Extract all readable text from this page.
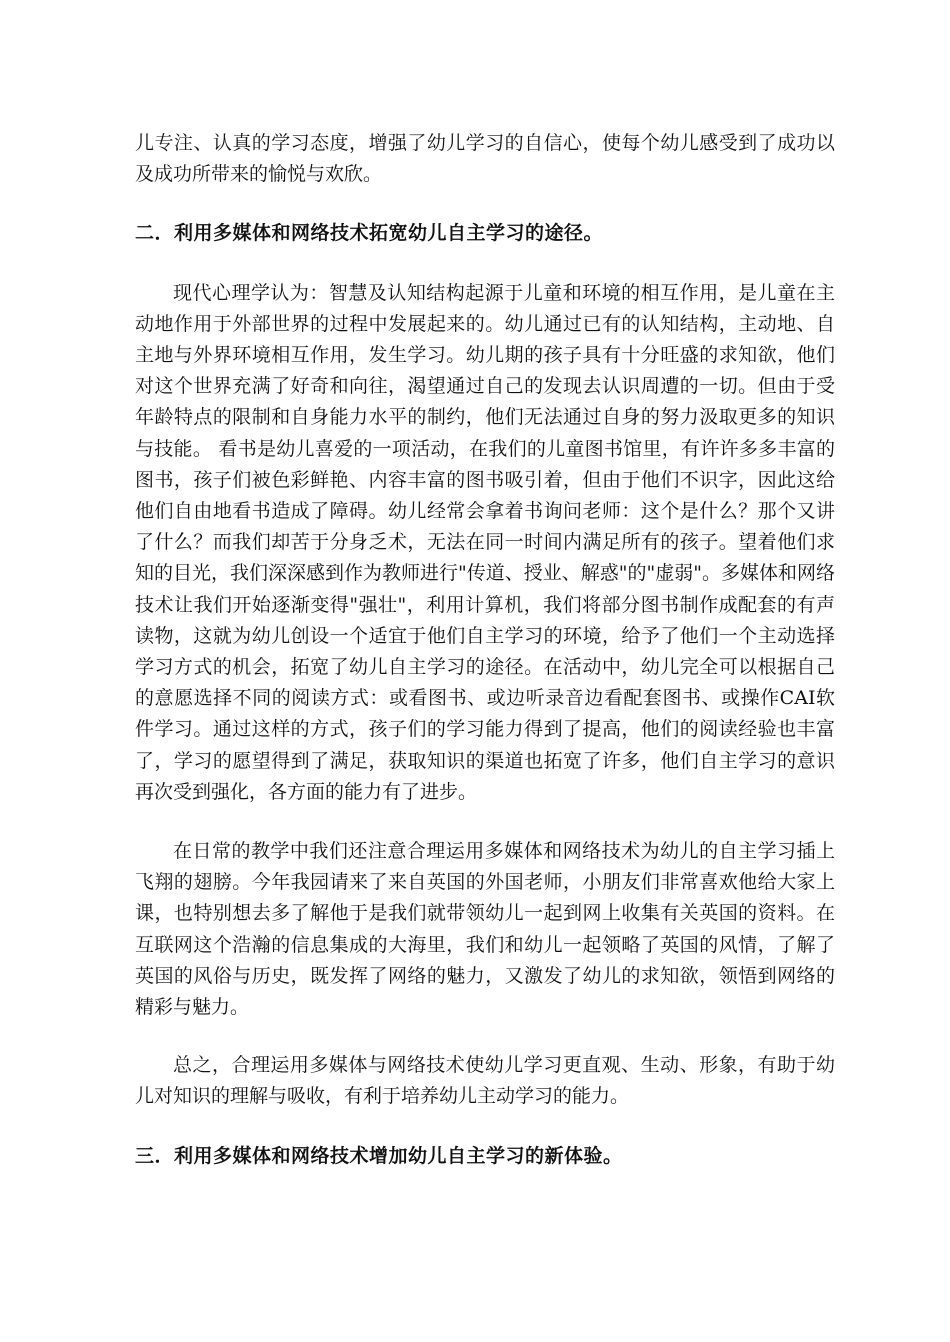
儿专注、认真的学习态度，增强了幼儿学习的自信心，使每个幼儿感受到了成功以及成功所带来的愉悦与欢欣。

二．利用多媒体和网络技术拓宽幼儿自主学习的途径。

现代心理学认为：智慧及认知结构起源于儿童和环境的相互作用，是儿童在主动地作用于外部世界的过程中发展起来的。幼儿通过已有的认知结构，主动地、自主地与外界环境相互作用，发生学习。幼儿期的孩子具有十分旺盛的求知欲，他们对这个世界充满了好奇和向往，渴望通过自己的发现去认识周遭的一切。但由于受年龄特点的限制和自身能力水平的制约，他们无法通过自身的努力汲取更多的知识与技能。 看书是幼儿喜爱的一项活动，在我们的儿童图书馆里，有许许多多丰富的图书，孩子们被色彩鲜艳、内容丰富的图书吸引着，但由于他们不识字，因此这给他们自由地看书造成了障碍。幼儿经常会拿着书询问老师：这个是什么？那个又讲了什么？而我们却苦于分身乏术，无法在同一时间内满足所有的孩子。望着他们求知的目光，我们深深感到作为教师进行"传道、授业、解惑"的"虚弱"。多媒体和网络技术让我们开始逐渐变得"强壮"，利用计算机，我们将部分图书制作成配套的有声读物，这就为幼儿创设一个适宜于他们自主学习的环境，给予了他们一个主动选择学习方式的机会，拓宽了幼儿自主学习的途径。在活动中，幼儿完全可以根据自己的意愿选择不同的阅读方式：或看图书、或边听录音边看配套图书、或操作CAI软件学习。通过这样的方式，孩子们的学习能力得到了提高，他们的阅读经验也丰富了，学习的愿望得到了满足，获取知识的渠道也拓宽了许多，他们自主学习的意识再次受到强化，各方面的能力有了进步。

在日常的教学中我们还注意合理运用多媒体和网络技术为幼儿的自主学习插上飞翔的翅膀。今年我园请来了来自英国的外国老师，小朋友们非常喜欢他给大家上课，也特别想去多了解他于是我们就带领幼儿一起到网上收集有关英国的资料。在互联网这个浩瀚的信息集成的大海里，我们和幼儿一起领略了英国的风情，了解了英国的风俗与历史，既发挥了网络的魅力，又激发了幼儿的求知欲，领悟到网络的精彩与魅力。

总之，合理运用多媒体与网络技术使幼儿学习更直观、生动、形象，有助于幼儿对知识的理解与吸收，有利于培养幼儿主动学习的能力。

三．利用多媒体和网络技术增加幼儿自主学习的新体验。
